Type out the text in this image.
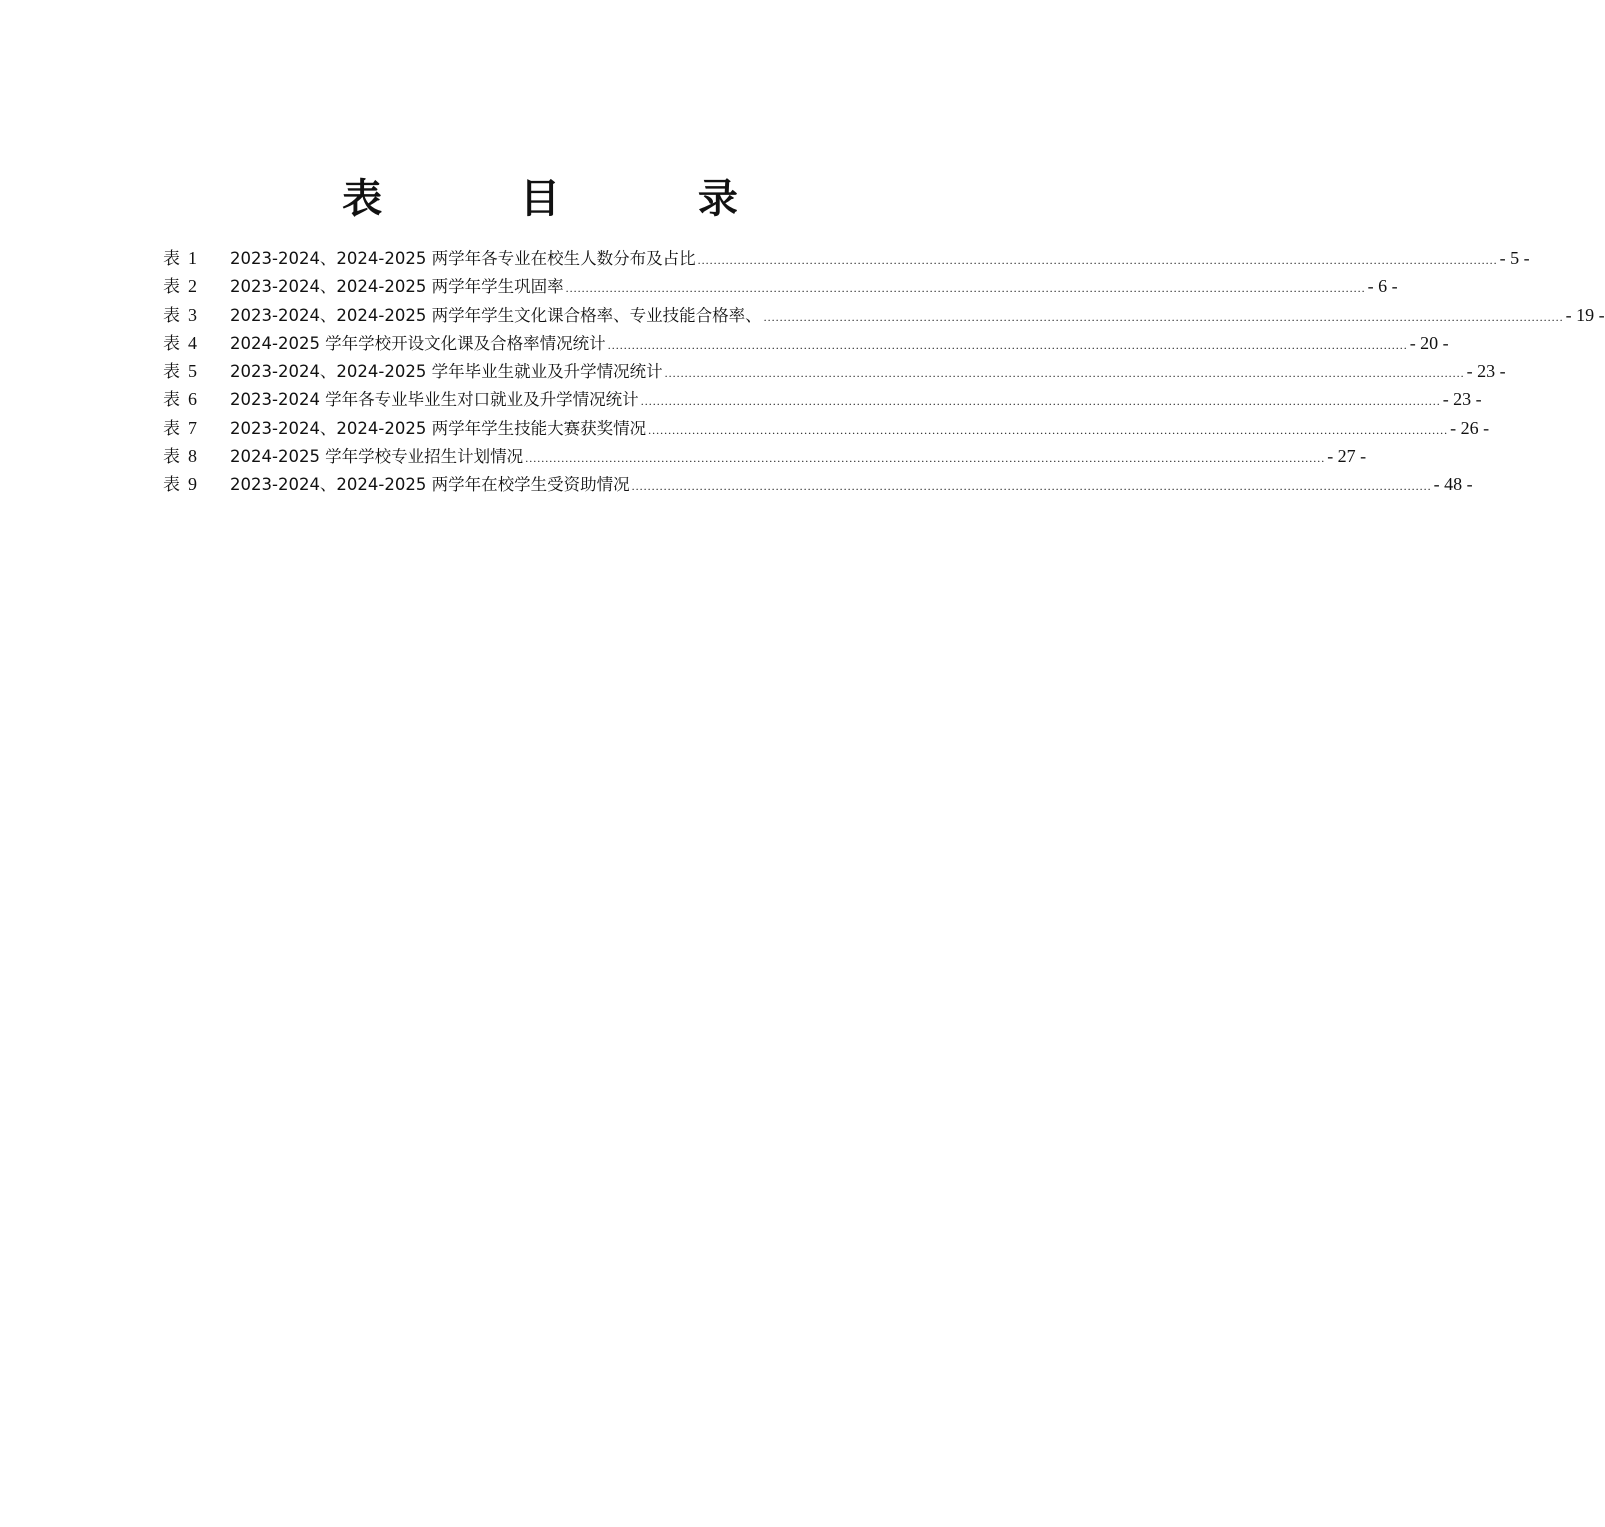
表 目 录
表 1	2023-2024、2024-2025 两学年各专业在校生人数分布及占比 ........................................................................................................................................................................................................ - 5 -
表 2	2023-2024、2024-2025 两学年学生巩固率 ........................................................................................................................................................................................................ - 6 -
表 3	2023-2024、2024-2025 两学年学生文化课合格率、专业技能合格率、 ........................................................................................................................................................................................................ - 19 -
表 4	2024-2025 学年学校开设文化课及合格率情况统计 ........................................................................................................................................................................................................ - 20 -
表 5	2023-2024、2024-2025 学年毕业生就业及升学情况统计 ........................................................................................................................................................................................................ - 23 -
表 6	2023-2024 学年各专业毕业生对口就业及升学情况统计 ........................................................................................................................................................................................................ - 23 -
表 7	2023-2024、2024-2025 两学年学生技能大赛获奖情况 ........................................................................................................................................................................................................ - 26 -
表 8	2024-2025 学年学校专业招生计划情况 ........................................................................................................................................................................................................ - 27 -
表 9	2023-2024、2024-2025 两学年在校学生受资助情况 ........................................................................................................................................................................................................ - 48 -
